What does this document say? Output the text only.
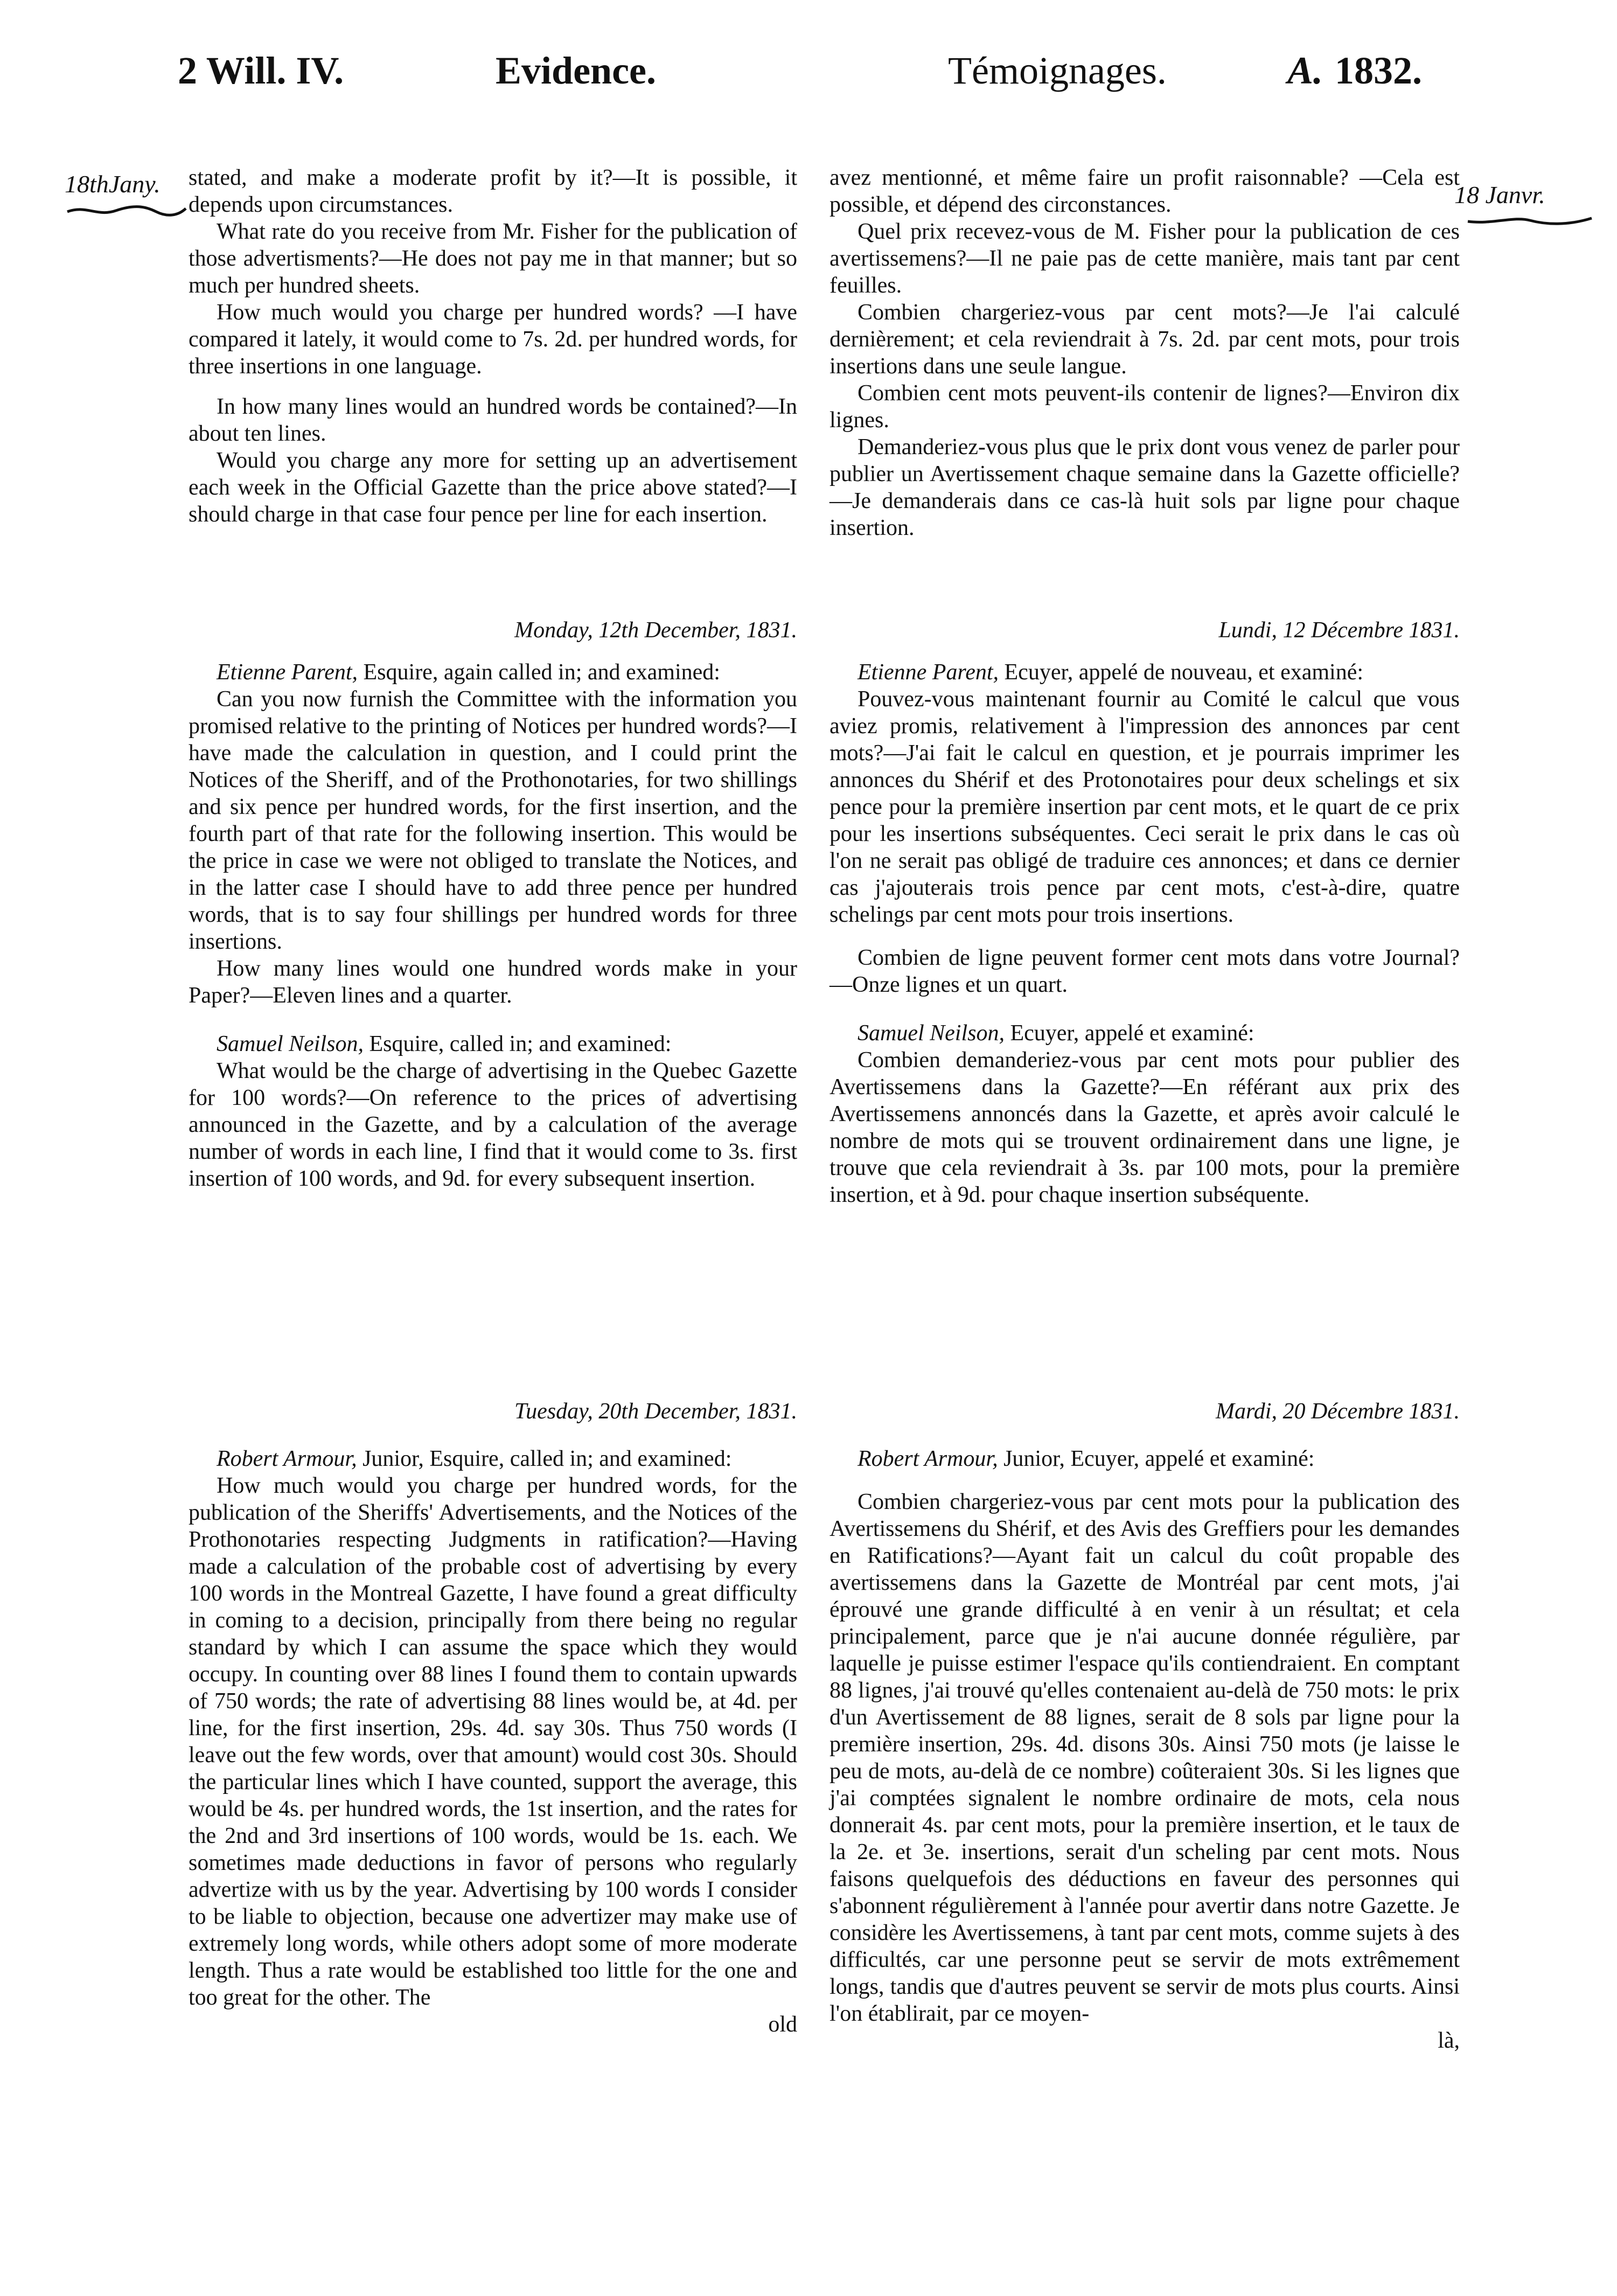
2 Will. IV.	Evidence.	Témoignages.	A. 1832.
18thJany.	18 Janvr.

stated, and make a moderate profit by it?—It is possible, it depends upon circumstances.

What rate do you receive from Mr. Fisher for the publication of those advertisments?—He does not pay me in that manner; but so much per hundred sheets.

How much would you charge per hundred words? —I have compared it lately, it would come to 7s. 2d. per hundred words, for three insertions in one language.

In how many lines would an hundred words be contained?—In about ten lines.

Would you charge any more for setting up an advertisement each week in the Official Gazette than the price above stated?—I should charge in that case four pence per line for each insertion.

Monday, 12th December, 1831.

Etienne Parent, Esquire, again called in; and examined:

Can you now furnish the Committee with the information you promised relative to the printing of Notices per hundred words?—I have made the calculation in question, and I could print the Notices of the Sheriff, and of the Prothonotaries, for two shillings and six pence per hundred words, for the first insertion, and the fourth part of that rate for the following insertion. This would be the price in case we were not obliged to translate the Notices, and in the latter case I should have to add three pence per hundred words, that is to say four shillings per hundred words for three insertions.

How many lines would one hundred words make in your Paper?—Eleven lines and a quarter.

Samuel Neilson, Esquire, called in; and examined:

What would be the charge of advertising in the Quebec Gazette for 100 words?—On reference to the prices of advertising announced in the Gazette, and by a calculation of the average number of words in each line, I find that it would come to 3s. first insertion of 100 words, and 9d. for every subsequent insertion.

Tuesday, 20th December, 1831.

Robert Armour, Junior, Esquire, called in; and examined:

How much would you charge per hundred words, for the publication of the Sheriffs' Advertisements, and the Notices of the Prothonotaries respecting Judgments in ratification?—Having made a calculation of the probable cost of advertising by every 100 words in the Montreal Gazette, I have found a great difficulty in coming to a decision, principally from there being no regular standard by which I can assume the space which they would occupy. In counting over 88 lines I found them to contain upwards of 750 words; the rate of advertising 88 lines would be, at 4d. per line, for the first insertion, 29s. 4d. say 30s. Thus 750 words (I leave out the few words, over that amount) would cost 30s. Should the particular lines which I have counted, support the average, this would be 4s. per hundred words, the 1st insertion, and the rates for the 2nd and 3rd insertions of 100 words, would be 1s. each. We sometimes made deductions in favor of persons who regularly advertize with us by the year. Advertising by 100 words I consider to be liable to objection, because one advertizer may make use of extremely long words, while others adopt some of more moderate length. Thus a rate would be established too little for the one and too great for the other. The

old

avez mentionné, et même faire un profit raisonnable? —Cela est possible, et dépend des circonstances.

Quel prix recevez-vous de M. Fisher pour la publication de ces avertissemens?—Il ne paie pas de cette manière, mais tant par cent feuilles.

Combien chargeriez-vous par cent mots?—Je l'ai calculé dernièrement; et cela reviendrait à 7s. 2d. par cent mots, pour trois insertions dans une seule langue.

Combien cent mots peuvent-ils contenir de lignes?—Environ dix lignes.

Demanderiez-vous plus que le prix dont vous venez de parler pour publier un Avertissement chaque semaine dans la Gazette officielle?—Je demanderais dans ce cas-là huit sols par ligne pour chaque insertion.

Lundi, 12 Décembre 1831.

Etienne Parent, Ecuyer, appelé de nouveau, et examiné:

Pouvez-vous maintenant fournir au Comité le calcul que vous aviez promis, relativement à l'impression des annonces par cent mots?—J'ai fait le calcul en question, et je pourrais imprimer les annonces du Shérif et des Protonotaires pour deux schelings et six pence pour la première insertion par cent mots, et le quart de ce prix pour les insertions subséquentes. Ceci serait le prix dans le cas où l'on ne serait pas obligé de traduire ces annonces; et dans ce dernier cas j'ajouterais trois pence par cent mots, c'est-à-dire, quatre schelings par cent mots pour trois insertions.

Combien de ligne peuvent former cent mots dans votre Journal?—Onze lignes et un quart.

Samuel Neilson, Ecuyer, appelé et examiné:

Combien demanderiez-vous par cent mots pour publier des Avertissemens dans la Gazette?—En référant aux prix des Avertissemens annoncés dans la Gazette, et après avoir calculé le nombre de mots qui se trouvent ordinairement dans une ligne, je trouve que cela reviendrait à 3s. par 100 mots, pour la première insertion, et à 9d. pour chaque insertion subséquente.

Mardi, 20 Décembre 1831.

Robert Armour, Junior, Ecuyer, appelé et examiné:

Combien chargeriez-vous par cent mots pour la publication des Avertissemens du Shérif, et des Avis des Greffiers pour les demandes en Ratifications?—Ayant fait un calcul du coût propable des avertissemens dans la Gazette de Montréal par cent mots, j'ai éprouvé une grande difficulté à en venir à un résultat; et cela principalement, parce que je n'ai aucune donnée régulière, par laquelle je puisse estimer l'espace qu'ils contiendraient. En comptant 88 lignes, j'ai trouvé qu'elles contenaient au-delà de 750 mots: le prix d'un Avertissement de 88 lignes, serait de 8 sols par ligne pour la première insertion, 29s. 4d. disons 30s. Ainsi 750 mots (je laisse le peu de mots, au-delà de ce nombre) coûteraient 30s. Si les lignes que j'ai comptées signalent le nombre ordinaire de mots, cela nous donnerait 4s. par cent mots, pour la première insertion, et le taux de la 2e. et 3e. insertions, serait d'un scheling par cent mots. Nous faisons quelquefois des déductions en faveur des personnes qui s'abonnent régulièrement à l'année pour avertir dans notre Gazette. Je considère les Avertissemens, à tant par cent mots, comme sujets à des difficultés, car une personne peut se servir de mots extrêmement longs, tandis que d'autres peuvent se servir de mots plus courts. Ainsi l'on établirait, par ce moyen-

là,
